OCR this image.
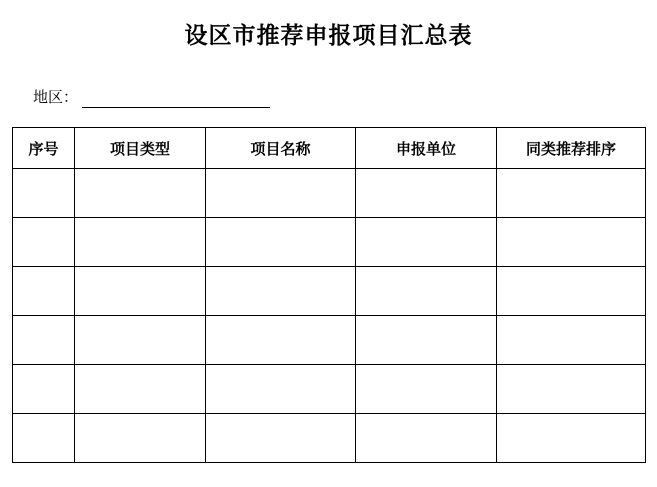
设区市推荐申报项目汇总表
地区：
序号	项目类型	项目名称	申报单位	同类推荐排序
